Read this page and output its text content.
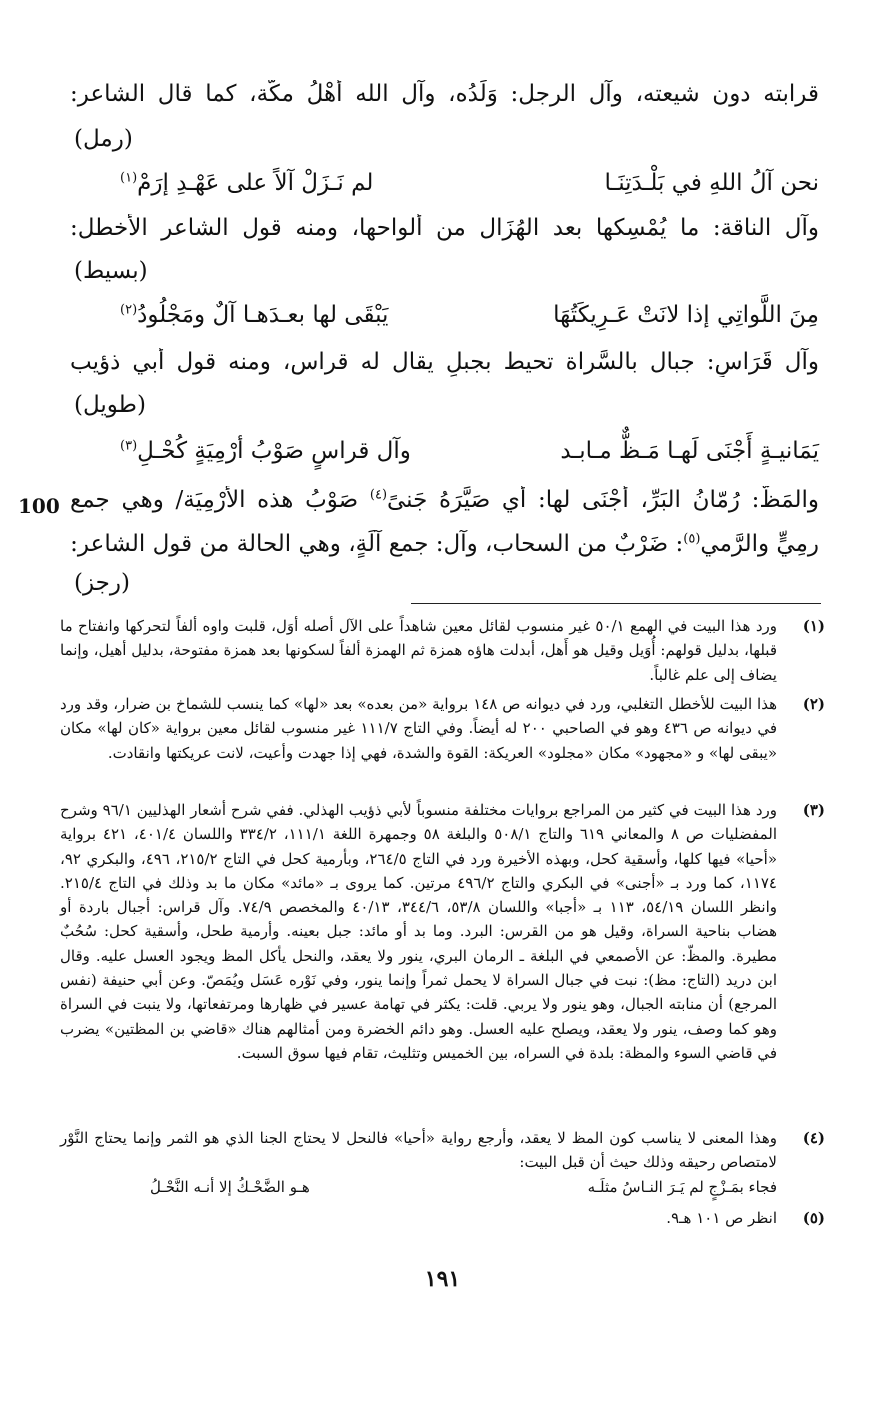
قرابته دون شيعته، وآل الرجل: وَلَدُه، وآل الله أَهْلُ مكّة، كما قال الشاعر:
(رمل)
نحن آلُ اللهِ في بَلْـدَتِنَـا
لم نَـزَلْ آلاً على عَهْـدِ إرَمْ$^{(١)}$
وآل الناقة: ما يُمْسِكها بعد الهُزَال من أَلواحها، ومنه قول الشاعر الأخطل:
(بسيط)
مِنَ اللَّواتِي إذا لانَتْ عَـرِيكَتُهَا
يَبْقَى لها بعـدَهـا آلٌ ومَجْلُودُ$^{(٢)}$
وآل قَرَاسٍ: جبال بالسَّراة تحيط بجبلٍ يقال له قراس، ومنه قول أبي ذؤيب
(طويل)
يَمَانيـةٍ أَجْنَى لَهـا مَـظٌّ مـابـد
وآل قراسٍ صَوْبُ أرْمِيَةٍ كُحْـلِ$^{(٣)}$
والمَظّ: رُمّانُ البَرِّ، أَجْنَى لها: أي صَيَّرَهُ جَنىً$^{(٤)}$ صَوْبُ هذه الأَرْمِيَة/ وهي جمع
100
رمِيٍّ والرَّمي$^{(٥)}$: ضَرْبٌ من السحاب، وآل: جمع آلَةٍ، وهي الحالة من قول الشاعر:
(رجز)
(١)
ورد هذا البيت في الهمع ٥٠/١ غير منسوب لقائل معين شاهداً على الآل أصله أوَل، قلبت واوه ألفاً لتحركها وانفتاح ما قبلها، بدليل قولهم: أُوَيل وقيل هو أَهل، أبدلت هاؤه همزة ثم الهمزة ألفاً لسكونها بعد همزة مفتوحة، بدليل أهيل، وإنما يضاف إلى علم غالباً.
(٢)
هذا البيت للأخطل التغلبي، ورد في ديوانه ص ١٤٨ برواية «من بعده» بعد «لها» كما ينسب للشماخ بن ضرار، وقد ورد في ديوانه ص ٤٣٦ وهو في الصاحبي ٢٠٠ له أيضاً. وفي التاج ١١١/٧ غير منسوب لقائل معين برواية «كان لها» مكان «يبقى لها» و «مجهود» مكان «مجلود» العريكة: القوة والشدة، فهي إذا جهدت وأعيت، لانت عريكتها وانقادت.
(٣)
ورد هذا البيت في كثير من المراجع بروايات مختلفة منسوباً لأبي ذؤيب الهذلي. ففي شرح أشعار الهذليين ٩٦/١ وشرح المفضليات ص ٨ والمعاني ٦١٩ والتاج ٥٠٨/١ والبلغة ٥٨ وجمهرة اللغة ١١١/١، ٣٣٤/٢ واللسان ٤٠١/٤، ٤٢١ برواية «أحيا» فيها كلها، وأسقية كحل، وبهذه الأخيرة ورد في التاج ٢٦٤/٥، وبأرمية كحل في التاج ٢١٥/٢، ٤٩٦، والبكري ٩٢، ١١٧٤، كما ورد بـ «أجنى» في البكري والتاج ٤٩٦/٢ مرتين. كما يروى بـ «مائد» مكان ما بد وذلك في التاج ٢١٥/٤. وانظر اللسان ٥٤/١٩، ١١٣ بـ «أجبا» واللسان ٥٣/٨، ٣٤٤/٦، ٤٠/١٣ والمخصص ٧٤/٩. وآل قراس: أجبال باردة أو هضاب بناحية السراة، وقيل هو من القرس: البرد. وما بد أو مائد: جبل بعينه. وأرمية طحل، وأسقية كحل: سُحُبٌ مطيرة. والمظّ: عن الأصمعي في البلغة ـ الرمان البري، ينور ولا يعقد، والنحل يأكل المظ ويجود العسل عليه. وقال ابن دريد (التاج: مظ): نبت في جبال السراة لا يحمل ثمراً وإنما ينور، وفي نَوْره عَسَل ويُمَصّ. وعن أبي حنيفة (نفس المرجع) أن منابته الجبال، وهو ينور ولا يربي. قلت: يكثر في تهامة عسير في ظهارها ومرتفعاتها، ولا ينبت في السراة وهو كما وصف، ينور ولا يعقد، ويصلح عليه العسل. وهو دائم الخضرة ومن أمثالهم هناك «قاضي بن المظتين» يضرب في قاضي السوء والمظة: بلدة في السراه، بين الخميس وتثليث، تقام فيها سوق السبت.
(٤)
وهذا المعنى لا يناسب كون المظ لا يعقد، وأرجع رواية «أحيا» فالنحل لا يحتاج الجنا الذي هو الثمر وإنما يحتاج النَّوْر لامتصاص رحيقه وذلك حيث أن قبل البيت:
فجاء بمَـزْجٍ لم يَـرَ النـاسُ مثلَـه
هـو الضَّحْـكُ إلا أنـه النَّحْـلُ
(٥)
انظر ص ١٠١ هـ٩.
١٩١
